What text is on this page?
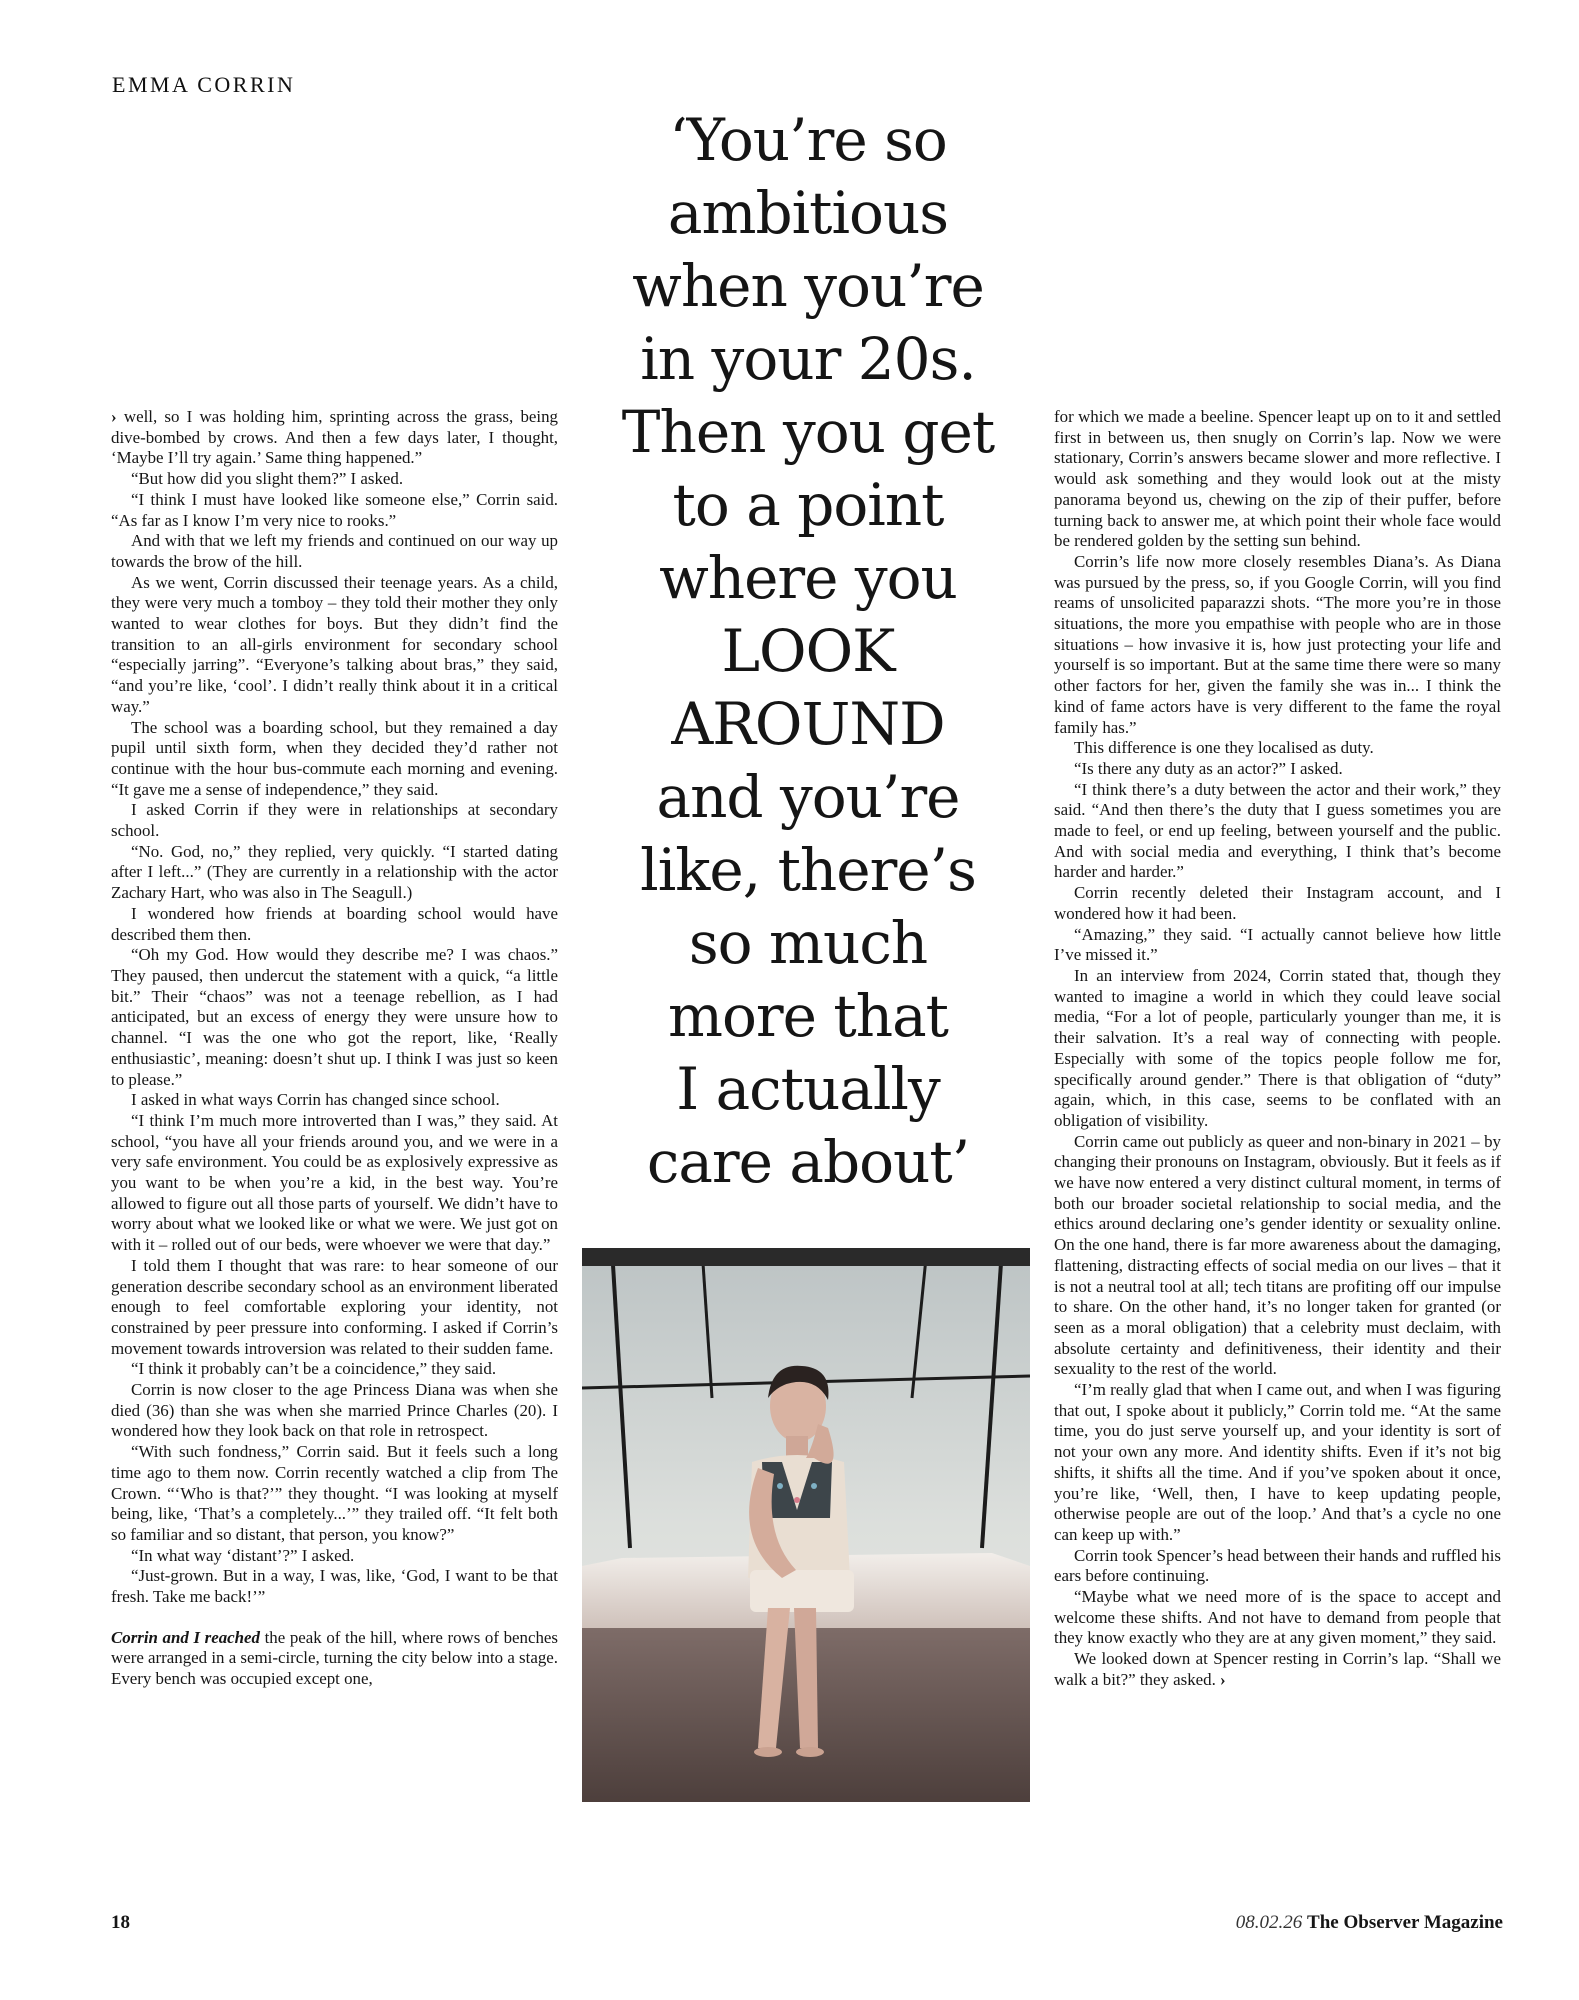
EMMA CORRIN

› well, so I was holding him, sprinting across the grass, being dive-bombed by crows. And then a few days later, I thought, ‘Maybe I’ll try again.’ Same thing happened.”

“But how did you slight them?” I asked.

“I think I must have looked like someone else,” Corrin said. “As far as I know I’m very nice to rooks.”

And with that we left my friends and continued on our way up towards the brow of the hill.

As we went, Corrin discussed their teenage years. As a child, they were very much a tomboy – they told their mother they only wanted to wear clothes for boys. But they didn’t find the transition to an all-girls environment for secondary school “especially jarring”. “Everyone’s talking about bras,” they said, “and you’re like, ‘cool’. I didn’t really think about it in a critical way.”

The school was a boarding school, but they remained a day pupil until sixth form, when they decided they’d rather not continue with the hour bus-commute each morning and evening. “It gave me a sense of independence,” they said.

I asked Corrin if they were in relationships at secondary school.

“No. God, no,” they replied, very quickly. “I started dating after I left...” (They are currently in a relationship with the actor Zachary Hart, who was also in The Seagull.)

I wondered how friends at boarding school would have described them then.

“Oh my God. How would they describe me? I was chaos.” They paused, then undercut the statement with a quick, “a little bit.” Their “chaos” was not a teenage rebellion, as I had anticipated, but an excess of energy they were unsure how to channel. “I was the one who got the report, like, ‘Really enthusiastic’, meaning: doesn’t shut up. I think I was just so keen to please.”

I asked in what ways Corrin has changed since school.

“I think I’m much more introverted than I was,” they said. At school, “you have all your friends around you, and we were in a very safe environment. You could be as explosively expressive as you want to be when you’re a kid, in the best way. You’re allowed to figure out all those parts of yourself. We didn’t have to worry about what we looked like or what we were. We just got on with it – rolled out of our beds, were whoever we were that day.”

I told them I thought that was rare: to hear someone of our generation describe secondary school as an environment liberated enough to feel comfortable exploring your identity, not constrained by peer pressure into conforming. I asked if Corrin’s movement towards introversion was related to their sudden fame.

“I think it probably can’t be a coincidence,” they said.

Corrin is now closer to the age Princess Diana was when she died (36) than she was when she married Prince Charles (20). I wondered how they look back on that role in retrospect.

“With such fondness,” Corrin said. But it feels such a long time ago to them now. Corrin recently watched a clip from The Crown. “‘Who is that?’” they thought. “I was looking at myself being, like, ‘That’s a completely...’” they trailed off. “It felt both so familiar and so distant, that person, you know?”

“In what way ‘distant’?” I asked.

“Just-grown. But in a way, I was, like, ‘God, I want to be that fresh. Take me back!’”

Corrin and I reached the peak of the hill, where rows of benches were arranged in a semi-circle, turning the city below into a stage. Every bench was occupied except one,

‘You’re so
ambitious
when you’re
in your 20s.
Then you get
to a point
where you
LOOK
AROUND
and you’re
like, there’s
so much
more that
I actually
care about’

for which we made a beeline. Spencer leapt up on to it and settled first in between us, then snugly on Corrin’s lap. Now we were stationary, Corrin’s answers became slower and more reflective. I would ask something and they would look out at the misty panorama beyond us, chewing on the zip of their puffer, before turning back to answer me, at which point their whole face would be rendered golden by the setting sun behind.

Corrin’s life now more closely resembles Diana’s. As Diana was pursued by the press, so, if you Google Corrin, will you find reams of unsolicited paparazzi shots. “The more you’re in those situations, the more you empathise with people who are in those situations – how invasive it is, how just protecting your life and yourself is so important. But at the same time there were so many other factors for her, given the family she was in... I think the kind of fame actors have is very different to the fame the royal family has.”

This difference is one they localised as duty.

“Is there any duty as an actor?” I asked.

“I think there’s a duty between the actor and their work,” they said. “And then there’s the duty that I guess sometimes you are made to feel, or end up feeling, between yourself and the public. And with social media and everything, I think that’s become harder and harder.”

Corrin recently deleted their Instagram account, and I wondered how it had been.

“Amazing,” they said. “I actually cannot believe how little I’ve missed it.”

In an interview from 2024, Corrin stated that, though they wanted to imagine a world in which they could leave social media, “For a lot of people, particularly younger than me, it is their salvation. It’s a real way of connecting with people. Especially with some of the topics people follow me for, specifically around gender.” There is that obligation of “duty” again, which, in this case, seems to be conflated with an obligation of visibility.

Corrin came out publicly as queer and non-binary in 2021 – by changing their pronouns on Instagram, obviously. But it feels as if we have now entered a very distinct cultural moment, in terms of both our broader societal relationship to social media, and the ethics around declaring one’s gender identity or sexuality online. On the one hand, there is far more awareness about the damaging, flattening, distracting effects of social media on our lives – that it is not a neutral tool at all; tech titans are profiting off our impulse to share. On the other hand, it’s no longer taken for granted (or seen as a moral obligation) that a celebrity must declaim, with absolute certainty and definitiveness, their identity and their sexuality to the rest of the world.

“I’m really glad that when I came out, and when I was figuring that out, I spoke about it publicly,” Corrin told me. “At the same time, you do just serve yourself up, and your identity is sort of not your own any more. And identity shifts. Even if it’s not big shifts, it shifts all the time. And if you’ve spoken about it once, you’re like, ‘Well, then, I have to keep updating people, otherwise people are out of the loop.’ And that’s a cycle no one can keep up with.”

Corrin took Spencer’s head between their hands and ruffled his ears before continuing.

“Maybe what we need more of is the space to accept and welcome these shifts. And not have to demand from people that they know exactly who they are at any given moment,” they said.

We looked down at Spencer resting in Corrin’s lap. “Shall we walk a bit?” they asked. ›

18	08.02.26 The Observer Magazine
